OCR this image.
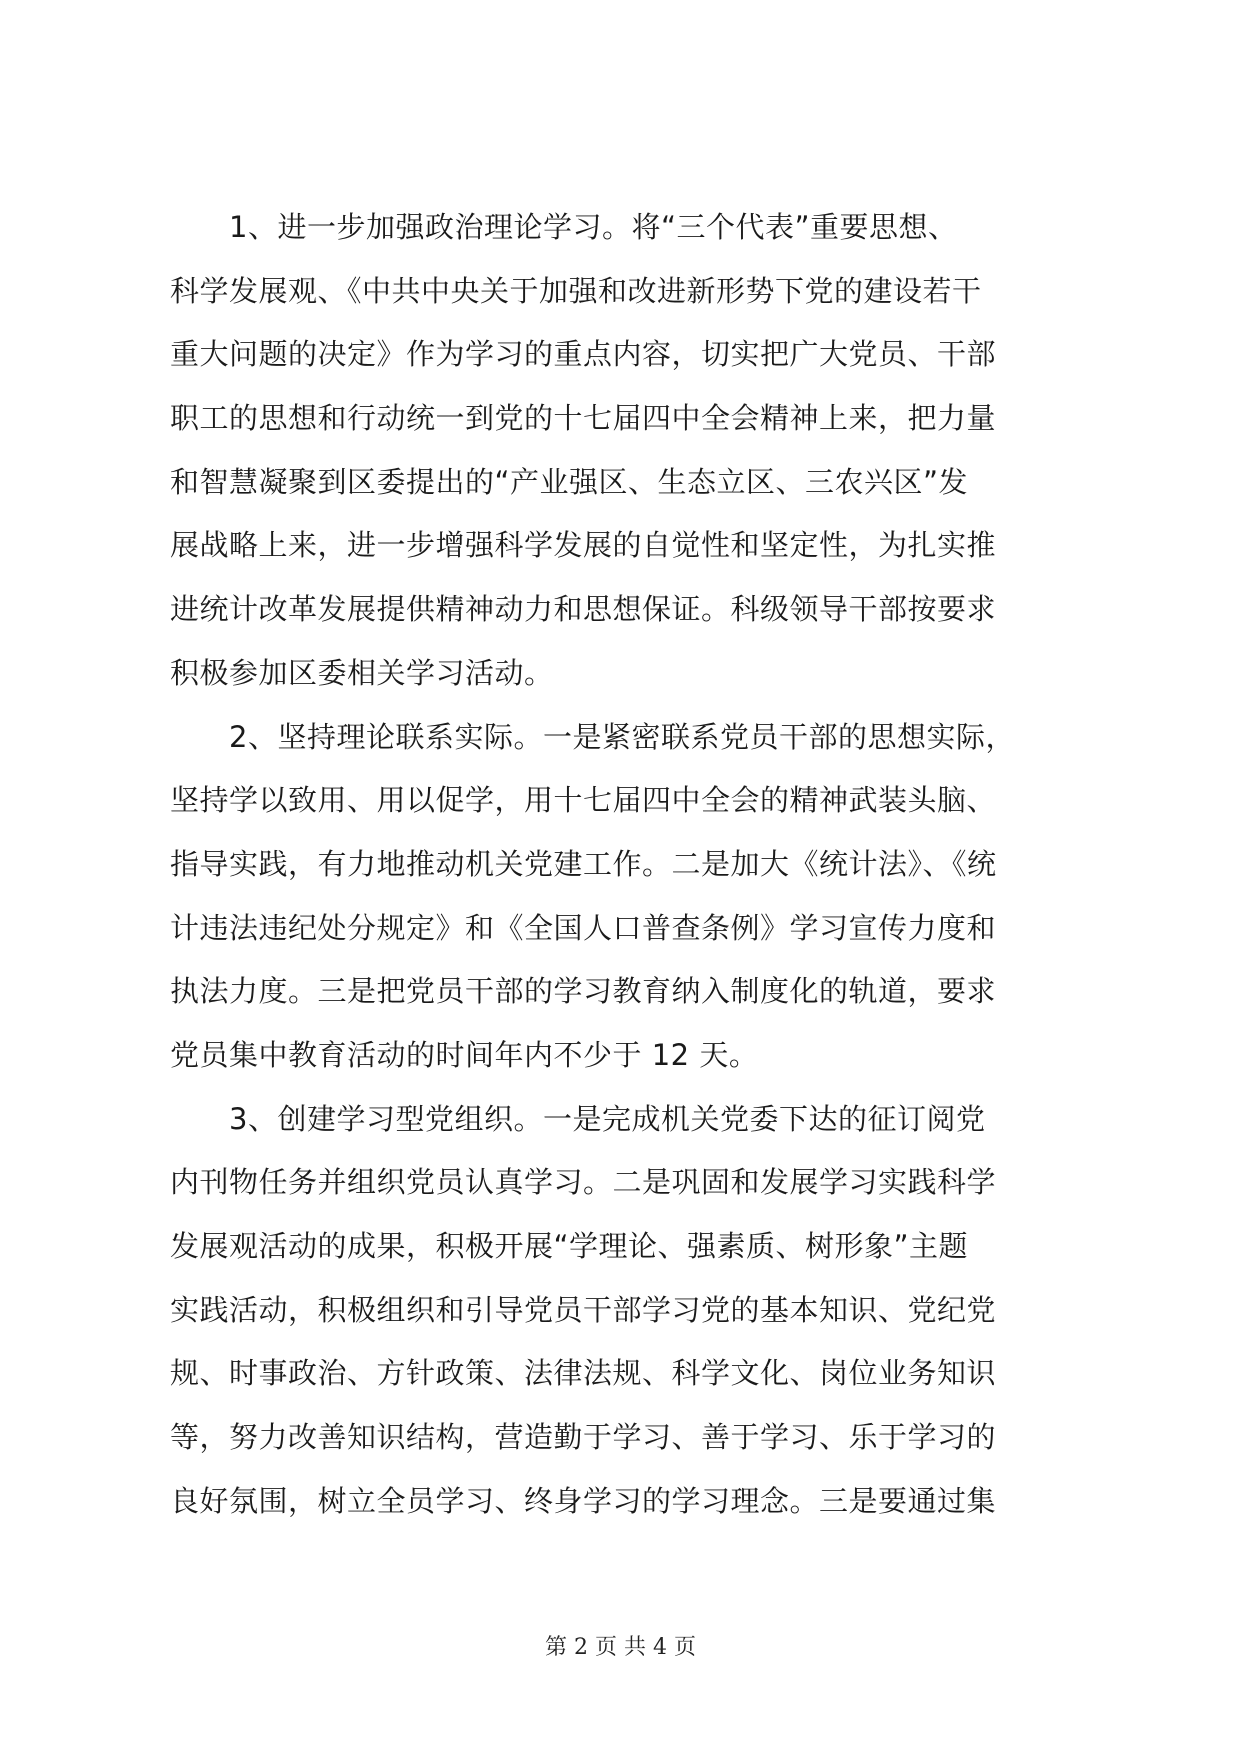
　　1、进一步加强政治理论学习。将“三个代表”重要思想、
科学发展观、《中共中央关于加强和改进新形势下党的建设若干
重大问题的决定》作为学习的重点内容，切实把广大党员、干部
职工的思想和行动统一到党的十七届四中全会精神上来，把力量
和智慧凝聚到区委提出的“产业强区、生态立区、三农兴区”发
展战略上来，进一步增强科学发展的自觉性和坚定性，为扎实推
进统计改革发展提供精神动力和思想保证。科级领导干部按要求
积极参加区委相关学习活动。
　　2、坚持理论联系实际。一是紧密联系党员干部的思想实际，
坚持学以致用、用以促学，用十七届四中全会的精神武装头脑、
指导实践，有力地推动机关党建工作。二是加大《统计法》、《统
计违法违纪处分规定》和《全国人口普查条例》学习宣传力度和
执法力度。三是把党员干部的学习教育纳入制度化的轨道，要求
党员集中教育活动的时间年内不少于 12 天。
　　3、创建学习型党组织。一是完成机关党委下达的征订阅党
内刊物任务并组织党员认真学习。二是巩固和发展学习实践科学
发展观活动的成果，积极开展“学理论、强素质、树形象”主题
实践活动，积极组织和引导党员干部学习党的基本知识、党纪党
规、时事政治、方针政策、法律法规、科学文化、岗位业务知识
等，努力改善知识结构，营造勤于学习、善于学习、乐于学习的
良好氛围，树立全员学习、终身学习的学习理念。三是要通过集
第 2 页 共 4 页
